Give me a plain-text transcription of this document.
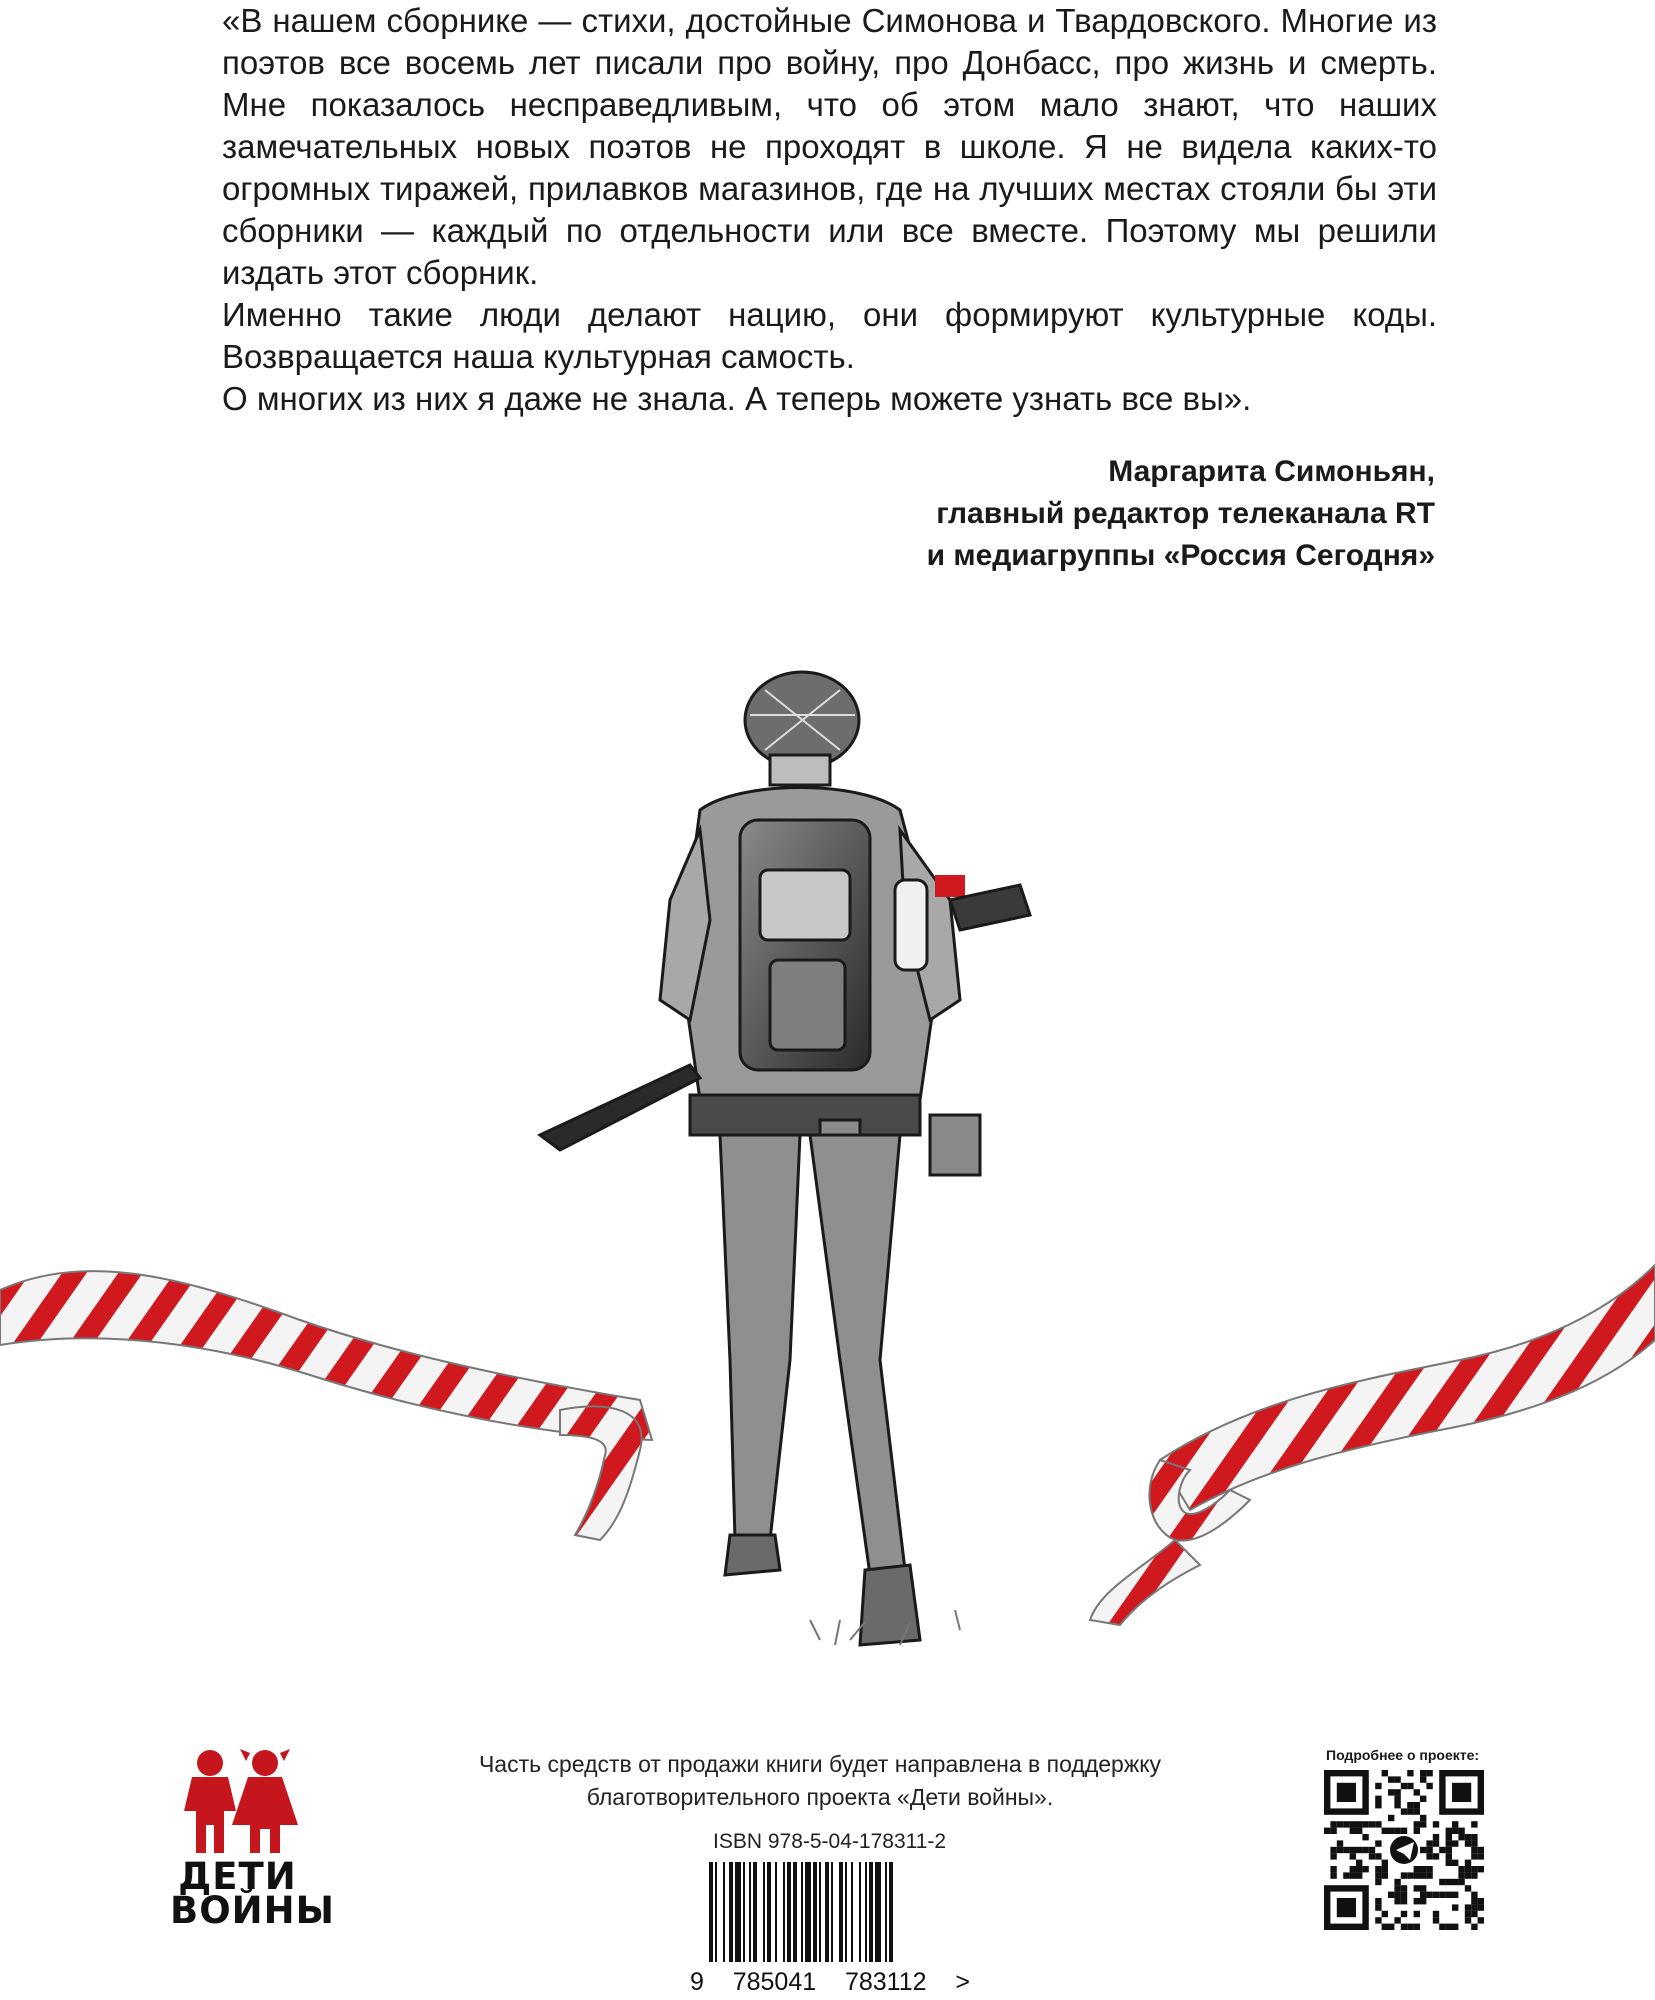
«В нашем сборнике — стихи, достойные Симонова и Твардовского. Многие из поэтов все восемь лет писали про войну, про Донбасс, про жизнь и смерть. Мне показалось несправедливым, что об этом мало знают, что наших замечательных новых поэтов не проходят в школе. Я не видела каких-то огромных тиражей, прилавков магазинов, где на лучших местах стояли бы эти сборники — каждый по отдельности или все вместе. Поэтому мы решили издать этот сборник.

Именно такие люди делают нацию, они формируют культурные коды. Возвращается наша культурная самость.

О многих из них я даже не знала. А теперь можете узнать все вы».

Маргарита Симоньян,
главный редактор телеканала RT
и медиагруппы «Россия Сегодня»
ДЕТИ
ВОЙНЫ

Часть средств от продажи книги будет направлена в поддержку

благотворительного проекта «Дети войны».

ISBN 978-5-04-178311-2
9 785041 783112 >
Подробнее о проекте:
